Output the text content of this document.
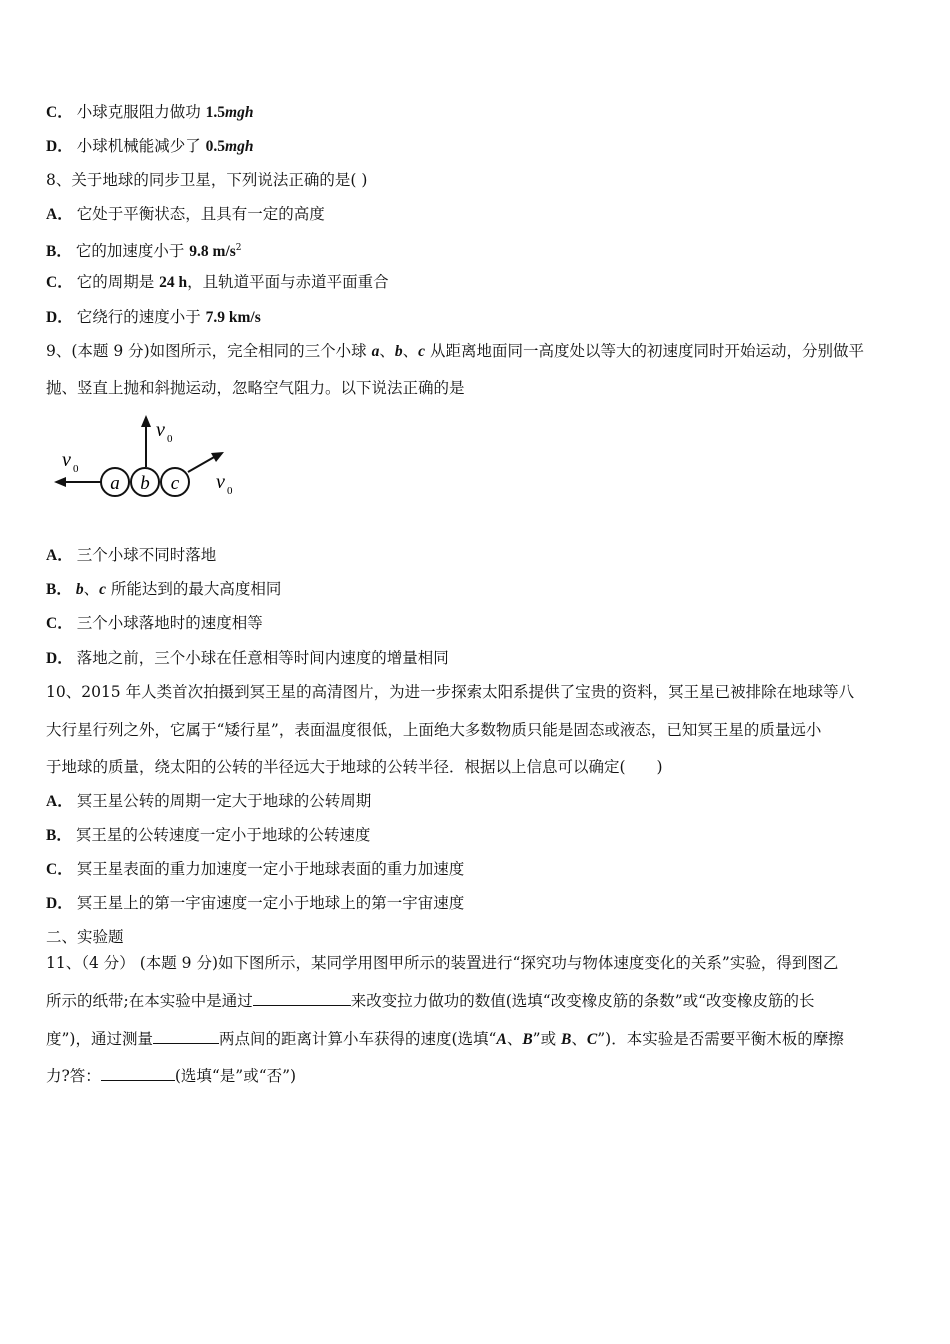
C． 小球克服阻力做功 1.5mgh
D． 小球机械能减少了 0.5mgh
8、关于地球的同步卫星，下列说法正确的是( )
A． 它处于平衡状态，且具有一定的高度
B． 它的加速度小于 9.8 $m/s^2$
C． 它的周期是 24 h，且轨道平面与赤道平面重合
D． 它绕行的速度小于 7.9 km/s
9、(本题 9 分)如图所示，完全相同的三个小球 a、b、c 从距离地面同一高度处以等大的初速度同时开始运动，分别做平
抛、竖直上抛和斜抛运动，忽略空气阻力。以下说法正确的是
v 0
v 0
v 0
a b c
A． 三个小球不同时落地
B． b、c 所能达到的最大高度相同
C． 三个小球落地时的速度相等
D． 落地之前，三个小球在任意相等时间内速度的增量相同
10、2015 年人类首次拍摄到冥王星的高清图片，为进一步探索太阳系提供了宝贵的资料，冥王星已被排除在地球等八
大行星行列之外，它属于“矮行星”，表面温度很低，上面绝大多数物质只能是固态或液态，已知冥王星的质量远小
于地球的质量，绕太阳的公转的半径远大于地球的公转半径．根据以上信息可以确定(　　)
A． 冥王星公转的周期一定大于地球的公转周期
B． 冥王星的公转速度一定小于地球的公转速度
C． 冥王星表面的重力加速度一定小于地球表面的重力加速度
D． 冥王星上的第一宇宙速度一定小于地球上的第一宇宙速度
二、实验题
11、（4 分） (本题 9 分)如下图所示，某同学用图甲所示的装置进行“探究功与物体速度变化的关系”实验，得到图乙
所示的纸带;在本实验中是通过	来改变拉力做功的数值(选填“改变橡皮筋的条数”或“改变橡皮筋的长
度”)，通过测量	两点间的距离计算小车获得的速度(选填“A、B”或 B、C”)．本实验是否需要平衡木板的摩擦
力?答：	(选填“是”或“否”)
